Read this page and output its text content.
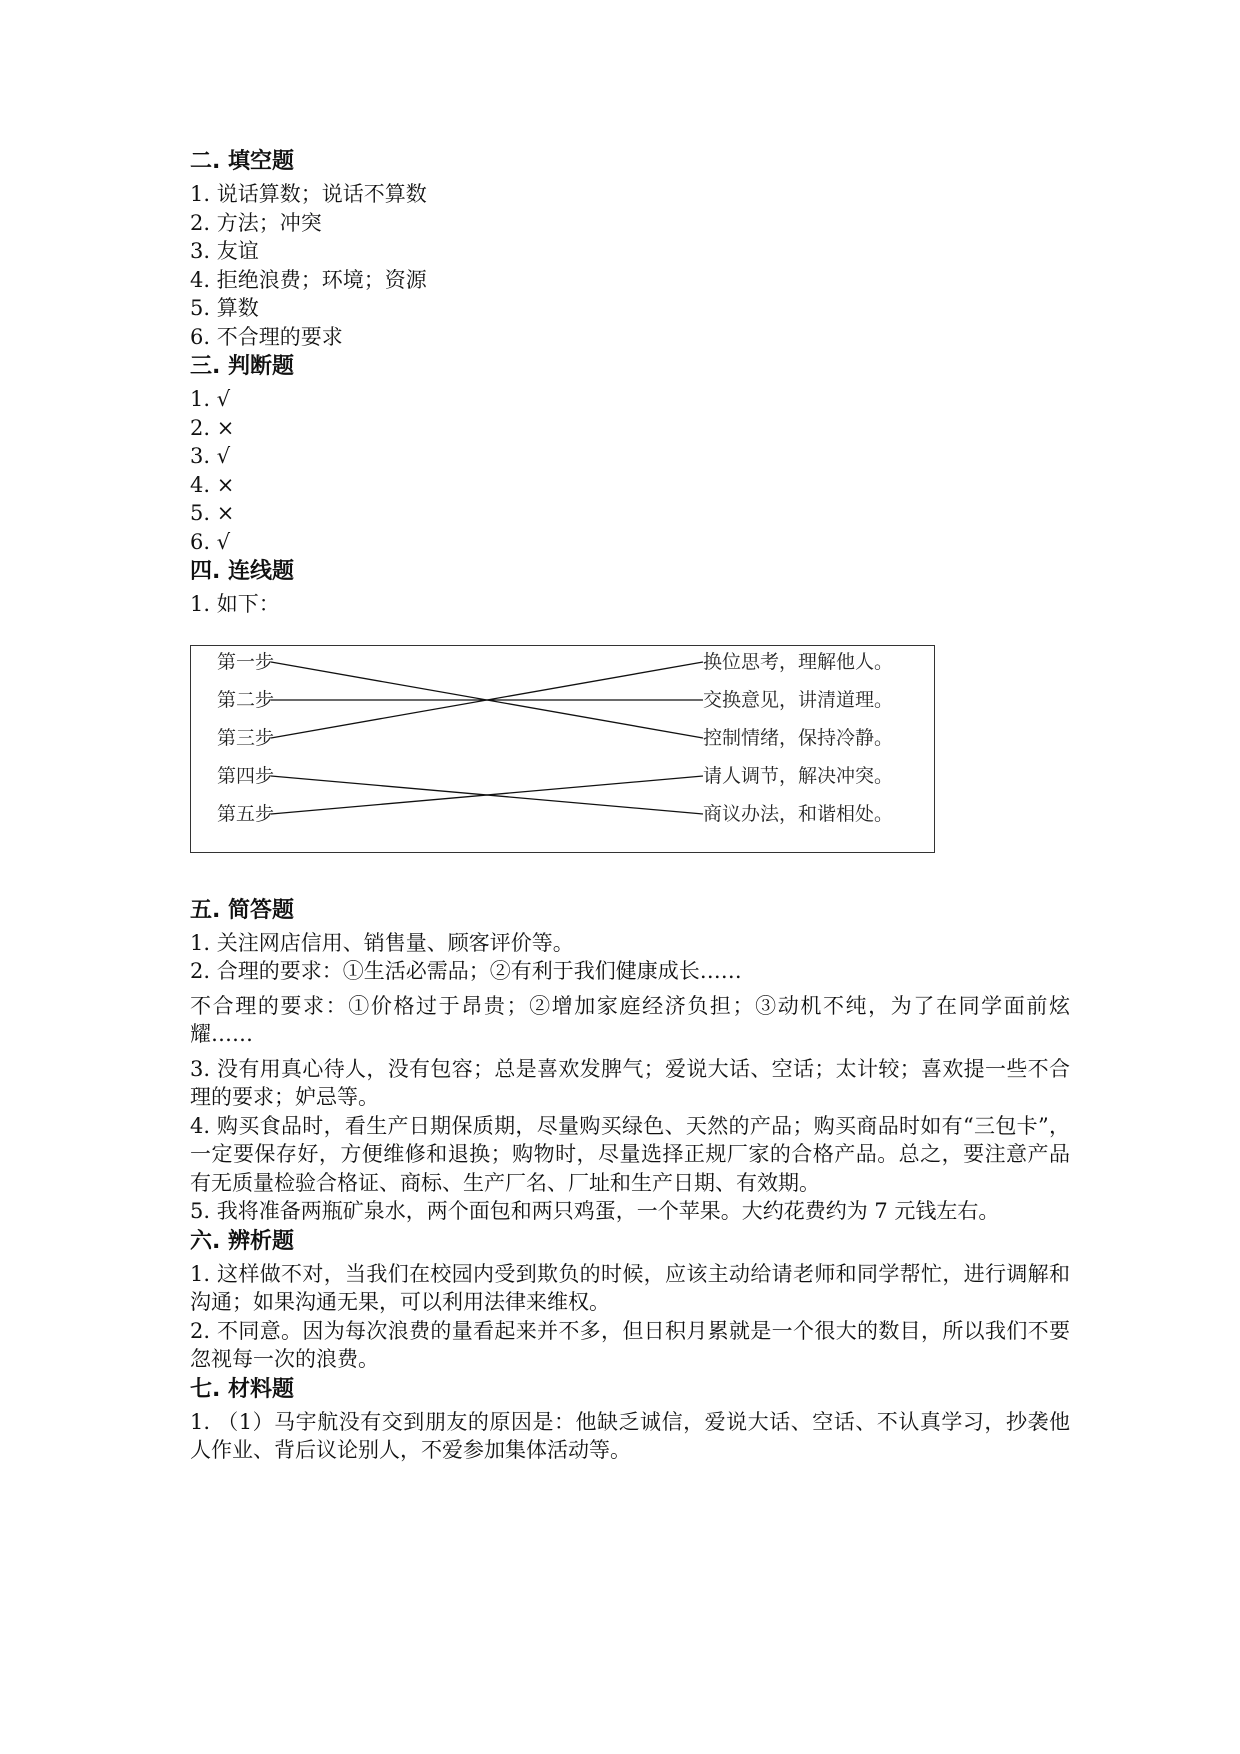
二. 填空题
1. 说话算数；说话不算数
2. 方法；冲突
3. 友谊
4. 拒绝浪费；环境；资源
5. 算数
6. 不合理的要求
三. 判断题
1. √
2. ×
3. √
4. ×
5. ×
6. √
四. 连线题
1. 如下：
第一步
第二步
第三步
第四步
第五步
换位思考，理解他人。
交换意见，讲清道理。
控制情绪，保持冷静。
请人调节，解决冲突。
商议办法，和谐相处。
五. 简答题
1. 关注网店信用、销售量、顾客评价等。
2. 合理的要求：①生活必需品；②有利于我们健康成长……
不合理的要求：①价格过于昂贵；②增加家庭经济负担；③动机不纯，为了在同学面前炫耀……
3. 没有用真心待人，没有包容；总是喜欢发脾气；爱说大话、空话；太计较；喜欢提一些不合理的要求；妒忌等。
4. 购买食品时，看生产日期保质期，尽量购买绿色、天然的产品；购买商品时如有“三包卡”，一定要保存好，方便维修和退换；购物时，尽量选择正规厂家的合格产品。总之，要注意产品有无质量检验合格证、商标、生产厂名、厂址和生产日期、有效期。
5. 我将准备两瓶矿泉水，两个面包和两只鸡蛋，一个苹果。大约花费约为 7 元钱左右。
六. 辨析题
1. 这样做不对，当我们在校园内受到欺负的时候，应该主动给请老师和同学帮忙，进行调解和沟通；如果沟通无果，可以利用法律来维权。
2. 不同意。因为每次浪费的量看起来并不多，但日积月累就是一个很大的数目，所以我们不要忽视每一次的浪费。
七. 材料题
1. （1）马宇航没有交到朋友的原因是：他缺乏诚信，爱说大话、空话、不认真学习，抄袭他人作业、背后议论别人，不爱参加集体活动等。
